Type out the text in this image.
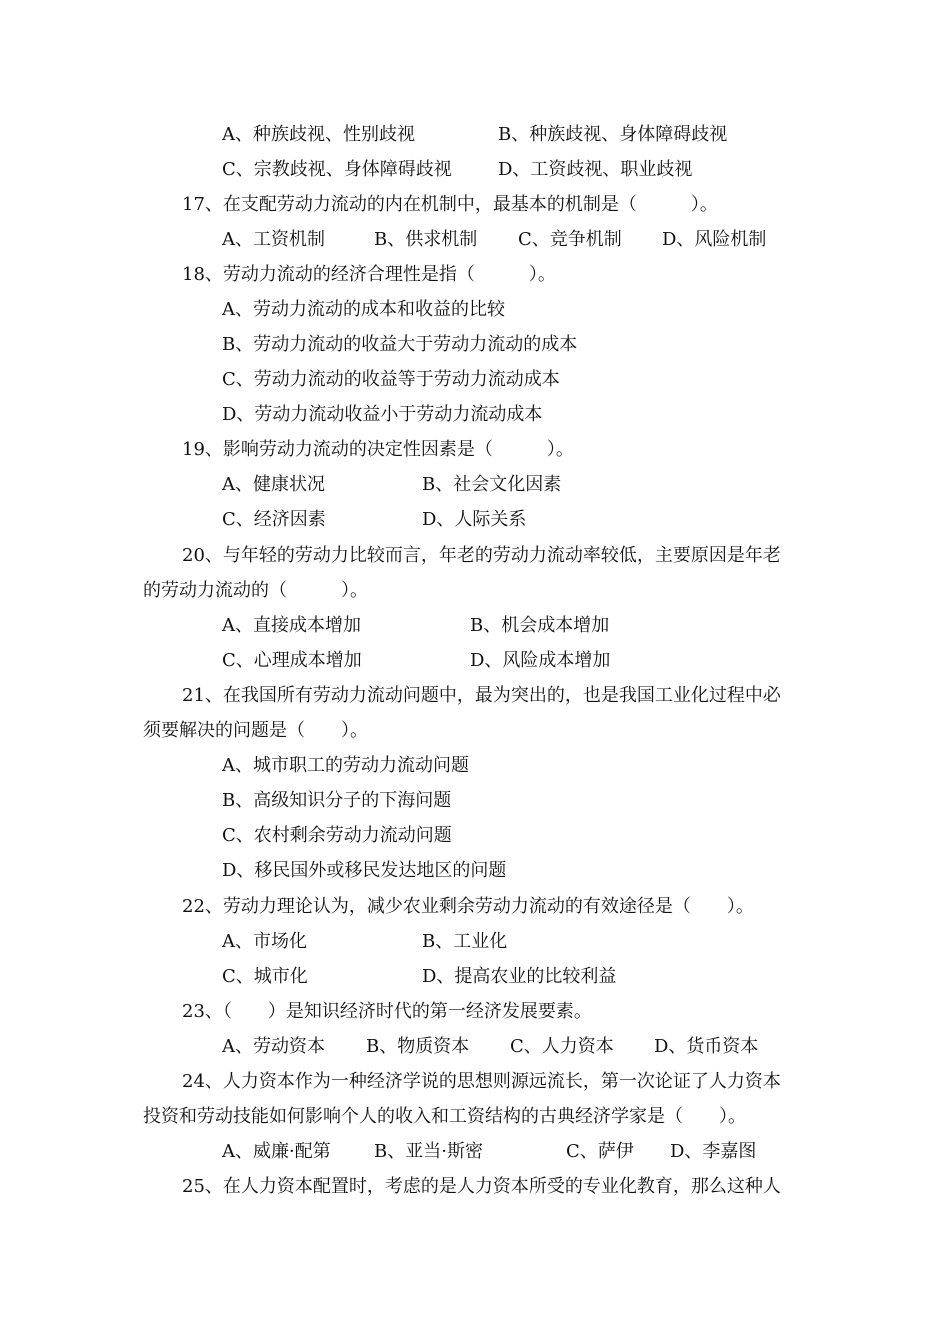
A、种族歧视、性别歧视	B、种族歧视、身体障碍歧视
C、宗教歧视、身体障碍歧视	D、工资歧视、职业歧视
17、在支配劳动力流动的内在机制中，最基本的机制是（　　　）。
A、工资机制	B、供求机制 C、竞争机制 D、风险机制
18、劳动力流动的经济合理性是指（　　　）。
A、劳动力流动的成本和收益的比较
B、劳动力流动的收益大于劳动力流动的成本
C、劳动力流动的收益等于劳动力流动成本
D、劳动力流动收益小于劳动力流动成本
19、影响劳动力流动的决定性因素是（　　　）。
A、健康状况	B、社会文化因素
C、经济因素	D、人际关系
20、与年轻的劳动力比较而言，年老的劳动力流动率较低，主要原因是年老
的劳动力流动的（　　　）。
A、直接成本增加	B、机会成本增加
C、心理成本增加	D、风险成本增加
21、在我国所有劳动力流动问题中，最为突出的，也是我国工业化过程中必
须要解决的问题是（　　）。
A、城市职工的劳动力流动问题
B、高级知识分子的下海问题
C、农村剩余劳动力流动问题
D、移民国外或移民发达地区的问题
22、劳动力理论认为，减少农业剩余劳动力流动的有效途径是（　　）。
A、市场化	B、工业化
C、城市化	D、提高农业的比较利益
23、（　　）是知识经济时代的第一经济发展要素。
A、劳动资本 B、物质资本 C、人力资本 D、货币资本
24、人力资本作为一种经济学说的思想则源远流长，第一次论证了人力资本
投资和劳动技能如何影响个人的收入和工资结构的古典经济学家是（　　）。
A、威廉·配第 B、亚当·斯密	C、萨伊 D、李嘉图
25、在人力资本配置时，考虑的是人力资本所受的专业化教育，那么这种人
